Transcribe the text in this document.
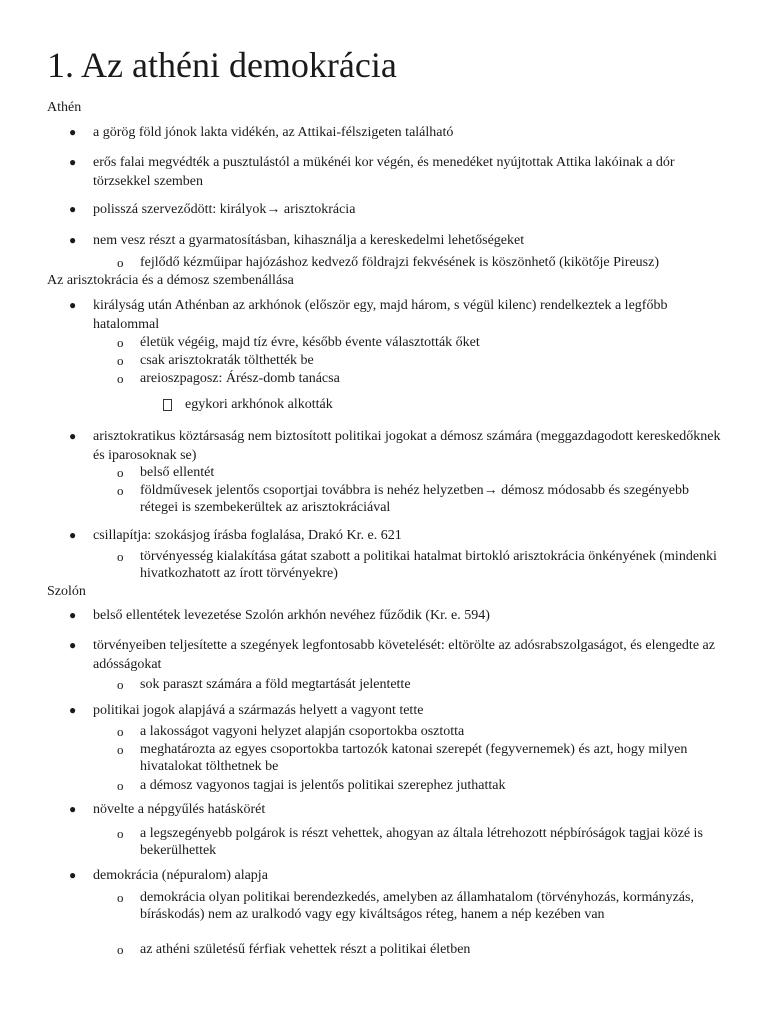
1. Az athéni demokrácia

Athén

● a görög föld jónok lakta vidékén, az Attikai-félszigeten található
● erős falai megvédték a pusztulástól a mükénéi kor végén, és menedéket nyújtottak Attika lakóinak a dór törzsekkel szemben
● polisszá szerveződött: királyok→ arisztokrácia
● nem vesz részt a gyarmatosításban, kihasználja a kereskedelmi lehetőségeket
o fejlődő kézműipar hajózáshoz kedvező földrajzi fekvésének is köszönhető (kikötője Pireusz)

Az arisztokrácia és a démosz szembenállása

● királyság után Athénban az arkhónok (először egy, majd három, s végül kilenc) rendelkeztek a legfőbb hatalommal
o életük végéig, majd tíz évre, később évente választották őket
o csak arisztokraták tölthették be
o areioszpagosz: Árész-domb tanácsa
egykori arkhónok alkották
● arisztokratikus köztársaság nem biztosított politikai jogokat a démosz számára (meggazdagodott kereskedőknek és iparosoknak se)
o belső ellentét
o földművesek jelentős csoportjai továbbra is nehéz helyzetben→ démosz módosabb és szegényebb rétegei is szembekerültek az arisztokráciával
● csillapítja: szokásjog írásba foglalása, Drakó Kr. e. 621
o törvényesség kialakítása gátat szabott a politikai hatalmat birtokló arisztokrácia önkényének (mindenki hivatkozhatott az írott törvényekre)

Szolón

● belső ellentétek levezetése Szolón arkhón nevéhez fűződik (Kr. e. 594)
● törvényeiben teljesítette a szegények legfontosabb követelését: eltörölte az adósrabszolgaságot, és elengedte az adósságokat
o sok paraszt számára a föld megtartását jelentette
● politikai jogok alapjává a származás helyett a vagyont tette
o a lakosságot vagyoni helyzet alapján csoportokba osztotta
o meghatározta az egyes csoportokba tartozók katonai szerepét (fegyvernemek) és azt, hogy milyen hivatalokat tölthetnek be
o a démosz vagyonos tagjai is jelentős politikai szerephez juthattak
● növelte a népgyűlés hatáskörét
o a legszegényebb polgárok is részt vehettek, ahogyan az általa létrehozott népbíróságok tagjai közé is bekerülhettek
● demokrácia (népuralom) alapja
o demokrácia olyan politikai berendezkedés, amelyben az államhatalom (törvényhozás, kormányzás, bíráskodás) nem az uralkodó vagy egy kiváltságos réteg, hanem a nép kezében van
o az athéni születésű férfiak vehettek részt a politikai életben
